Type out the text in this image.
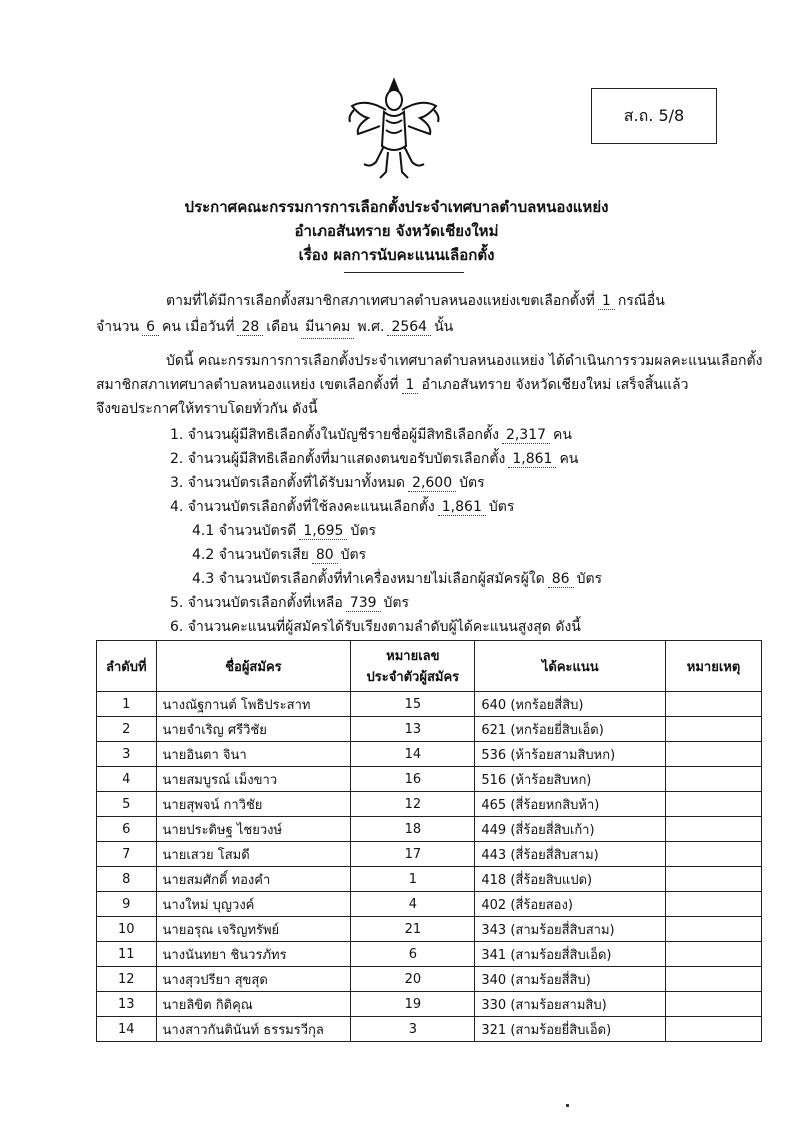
ส.ถ. 5/8
ประกาศคณะกรรมการการเลือกตั้งประจำเทศบาลตำบลหนองแหย่ง
อำเภอสันทราย จังหวัดเชียงใหม่
เรื่อง ผลการนับคะแนนเลือกตั้ง
ตามที่ได้มีการเลือกตั้งสมาชิกสภาเทศบาลตำบลหนองแหย่งเขตเลือกตั้งที่ 1 กรณีอื่น
จำนวน 6 คน เมื่อวันที่ 28 เดือน มีนาคม พ.ศ. 2564 นั้น
บัดนี้ คณะกรรมการการเลือกตั้งประจำเทศบาลตำบลหนองแหย่ง ได้ดำเนินการรวมผลคะแนนเลือกตั้ง
สมาชิกสภาเทศบาลตำบลหนองแหย่ง เขตเลือกตั้งที่ 1 อำเภอสันทราย จังหวัดเชียงใหม่ เสร็จสิ้นแล้ว
จึงขอประกาศให้ทราบโดยทั่วกัน ดังนี้
1. จำนวนผู้มีสิทธิเลือกตั้งในบัญชีรายชื่อผู้มีสิทธิเลือกตั้ง 2,317 คน
2. จำนวนผู้มีสิทธิเลือกตั้งที่มาแสดงตนขอรับบัตรเลือกตั้ง 1,861 คน
3. จำนวนบัตรเลือกตั้งที่ได้รับมาทั้งหมด 2,600 บัตร
4. จำนวนบัตรเลือกตั้งที่ใช้ลงคะแนนเลือกตั้ง 1,861 บัตร
4.1 จำนวนบัตรดี 1,695 บัตร
4.2 จำนวนบัตรเสีย 80 บัตร
4.3 จำนวนบัตรเลือกตั้งที่ทำเครื่องหมายไม่เลือกผู้สมัครผู้ใด 86 บัตร
5. จำนวนบัตรเลือกตั้งที่เหลือ 739 บัตร
6. จำนวนคะแนนที่ผู้สมัครได้รับเรียงตามลำดับผู้ได้คะแนนสูงสุด ดังนี้
ลำดับที่	ชื่อผู้สมัคร	หมายเลข
ประจำตัวผู้สมัคร	ได้คะแนน	หมายเหตุ
1	นางณัฐกานต์ โพธิประสาท	15	640 (หกร้อยสี่สิบ)	
2	นายจำเริญ ศรีวิชัย	13	621 (หกร้อยยี่สิบเอ็ด)	
3	นายอินตา จินา	14	536 (ห้าร้อยสามสิบหก)	
4	นายสมบูรณ์ เม็งขาว	16	516 (ห้าร้อยสิบหก)	
5	นายสุพจน์ กาวิชัย	12	465 (สี่ร้อยหกสิบห้า)	
6	นายประดิษฐ ไชยวงษ์	18	449 (สี่ร้อยสี่สิบเก้า)	
7	นายเสวย โสมดี	17	443 (สี่ร้อยสี่สิบสาม)	
8	นายสมศักดิ์ ทองคำ	1	418 (สี่ร้อยสิบแปด)	
9	นางใหม่ บุญวงค์	4	402 (สี่ร้อยสอง)	
10	นายอรุณ เจริญทรัพย์	21	343 (สามร้อยสี่สิบสาม)	
11	นางนันทยา ชินวรภัทร	6	341 (สามร้อยสี่สิบเอ็ด)	
12	นางสุวปรียา สุขสุด	20	340 (สามร้อยสี่สิบ)	
13	นายลิขิต กิติคุณ	19	330 (สามร้อยสามสิบ)	
14	นางสาวกันตินันท์ ธรรมรวีกุล	3	321 (สามร้อยยี่สิบเอ็ด)	
